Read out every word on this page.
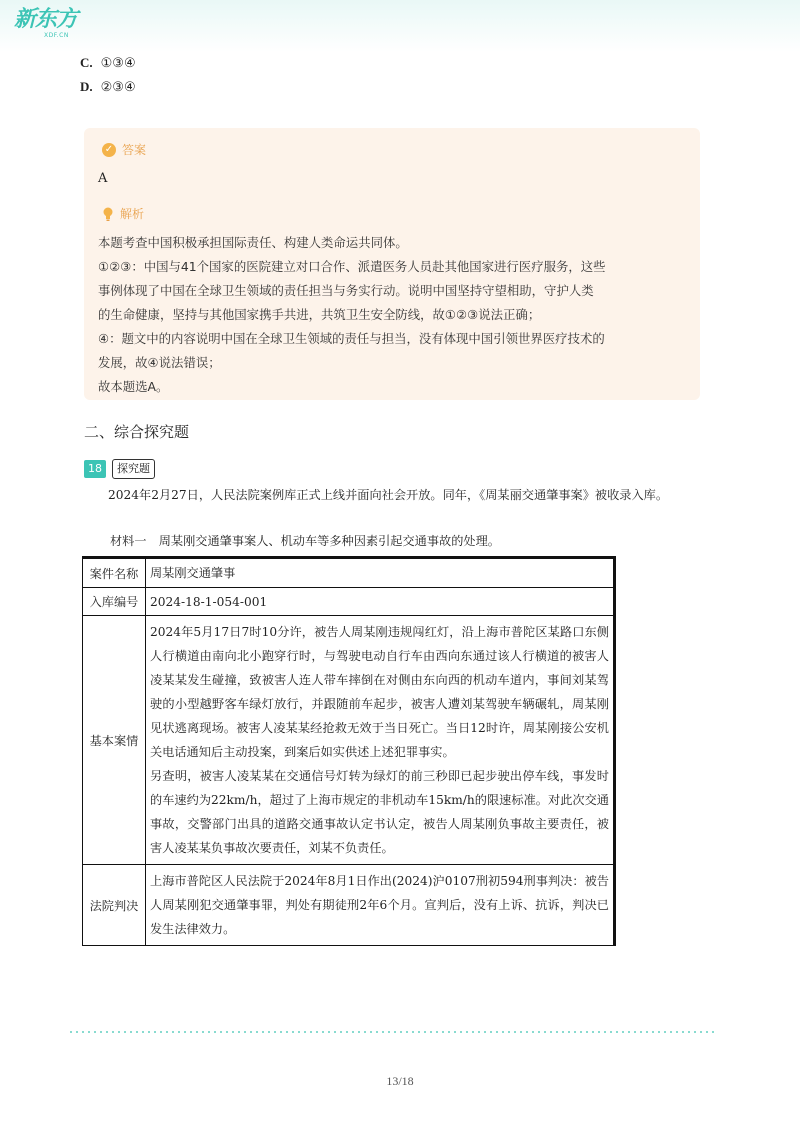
新东方
XDF.CN
C. ①③④
D. ②③④
✓ 答案
A
解析

本题考查中国积极承担国际责任、构建人类命运共同体。

①②③：中国与41个国家的医院建立对口合作、派遣医务人员赴其他国家进行医疗服务，这些

事例体现了中国在全球卫生领域的责任担当与务实行动。说明中国坚持守望相助，守护人类

的生命健康，坚持与其他国家携手共进，共筑卫生安全防线，故①②③说法正确；

④：题文中的内容说明中国在全球卫生领域的责任与担当，没有体现中国引领世界医疗技术的

发展，故④说法错误；

故本题选A。

二、综合探究题
18	探究题
2024年2月27日，人民法院案例库正式上线并面向社会开放。同年，《周某丽交通肇事案》被收录入库。
材料一　周某刚交通肇事案人、机动车等多种因素引起交通事故的处理。
案件名称	周某刚交通肇事
入库编号	2024-18-1-054-001
基本案情	2024年5月17日7时10分许，被告人周某刚违规闯红灯，沿上海市普陀区某路口东侧人行横道由南向北小跑穿行时，与驾驶电动自行车由西向东通过该人行横道的被害人凌某某发生碰撞，致被害人连人带车摔倒在对侧由东向西的机动车道内，事间刘某驾驶的小型越野客车绿灯放行，并跟随前车起步，被害人遭刘某驾驶车辆碾轧，周某刚见状逃离现场。被害人凌某某经抢救无效于当日死亡。当日12时许，周某刚接公安机关电话通知后主动投案，到案后如实供述上述犯罪事实。
另查明，被害人凌某某在交通信号灯转为绿灯的前三秒即已起步驶出停车线，事发时的车速约为22km/h，超过了上海市规定的非机动车15km/h的限速标准。对此次交通事故，交警部门出具的道路交通事故认定书认定，被告人周某刚负事故主要责任，被害人凌某某负事故次要责任，刘某不负责任。

法院判决	上海市普陀区人民法院于2024年8月1日作出(2024)沪0107刑初594刑事判决：被告人周某刚犯交通肇事罪，判处有期徒刑2年6个月。宣判后，没有上诉、抗诉，判决已发生法律效力。
13/18
